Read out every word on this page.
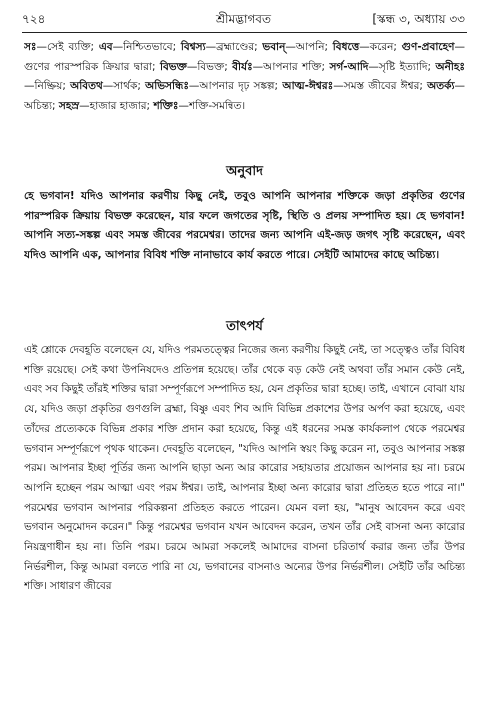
৭২৪	শ্রীমদ্ভাগবত	[স্কন্ধ ৩, অধ্যায় ৩৩
সঃ—সেই ব্যক্তি; এব—নিশ্চিতভাবে; বিশ্বস্য—ব্রহ্মাণ্ডের; ভবান্—আপনি; বিধত্তে—করেন; গুণ-প্রবাহেণ—গুণের পারস্পরিক ক্রিয়ার দ্বারা; বিভক্ত—বিভক্ত; বীর্যঃ—আপনার শক্তি; সর্গ-আদি—সৃষ্টি ইত্যাদি; অনীহঃ—নিষ্ক্রিয়; অবিতথ—সার্থক; অভিসন্ধিঃ—আপনার দৃঢ় সঙ্কল্প; আত্ম-ঈশ্বরঃ—সমস্ত জীবের ঈশ্বর; অতর্ক্য—অচিন্ত্য; সহস্র—হাজার হাজার; শক্তিঃ—শক্তি-সমন্বিত।
অনুবাদ
হে ভগবান! যদিও আপনার করণীয় কিছু নেই, তবুও আপনি আপনার শক্তিকে জড়া প্রকৃতির গুণের পারস্পরিক ক্রিয়ায় বিভক্ত করেছেন, যার ফলে জগতের সৃষ্টি, স্থিতি ও প্রলয় সম্পাদিত হয়। হে ভগবান! আপনি সত্য-সঙ্কল্প এবং সমস্ত জীবের পরমেশ্বর। তাদের জন্য আপনি এই-জড় জগৎ সৃষ্টি করেছেন, এবং যদিও আপনি এক, আপনার বিবিধ শক্তি নানাভাবে কার্য করতে পারে। সেইটি আমাদের কাছে অচিন্ত্য।
তাৎপর্য
এই শ্লোকে দেবহূতি বলেছেন যে, যদিও পরমতত্ত্বের নিজের জন্য করণীয় কিছুই নেই, তা সত্ত্বেও তাঁর বিবিধ শক্তি রয়েছে। সেই কথা উপনিষদেও প্রতিপন্ন হয়েছে। তাঁর থেকে বড় কেউ নেই অথবা তাঁর সমান কেউ নেই, এবং সব কিছুই তাঁরই শক্তির দ্বারা সম্পূর্ণরূপে সম্পাদিত হয়, যেন প্রকৃতির দ্বারা হচ্ছে। তাই, এখানে বোঝা যায় যে, যদিও জড়া প্রকৃতির গুণগুলি ব্রহ্মা, বিষ্ণু এবং শিব আদি বিভিন্ন প্রকাশের উপর অর্পণ করা হয়েছে, এবং তাঁদের প্রত্যেককে বিভিন্ন প্রকার শক্তি প্রদান করা হয়েছে, কিন্তু এই ধরনের সমস্ত কার্যকলাপ থেকে পরমেশ্বর ভগবান সম্পূর্ণরূপে পৃথক থাকেন। দেবহূতি বলেছেন, "যদিও আপনি স্বয়ং কিছু করেন না, তবুও আপনার সঙ্কল্প পরম। আপনার ইচ্ছা পূর্তির জন্য আপনি ছাড়া অন্য আর কারোর সহায়তার প্রয়োজন আপনার হয় না। চরমে আপনি হচ্ছেন পরম আত্মা এবং পরম ঈশ্বর। তাই, আপনার ইচ্ছা অন্য কারোর দ্বারা প্রতিহত হতে পারে না।" পরমেশ্বর ভগবান আপনার পরিকল্পনা প্রতিহত করতে পারেন। যেমন বলা হয়, "মানুষ আবেদন করে এবং ভগবান অনুমোদন করেন।" কিন্তু পরমেশ্বর ভগবান যখন আবেদন করেন, তখন তাঁর সেই বাসনা অন্য কারোর নিয়ন্ত্রণাধীন হয় না। তিনি পরম। চরমে আমরা সকলেই আমাদের বাসনা চরিতার্থ করার জন্য তাঁর উপর নির্ভরশীল, কিন্তু আমরা বলতে পারি না যে, ভগবানের বাসনাও অন্যের উপর নির্ভরশীল। সেইটি তাঁর অচিন্ত্য শক্তি। সাধারণ জীবের
